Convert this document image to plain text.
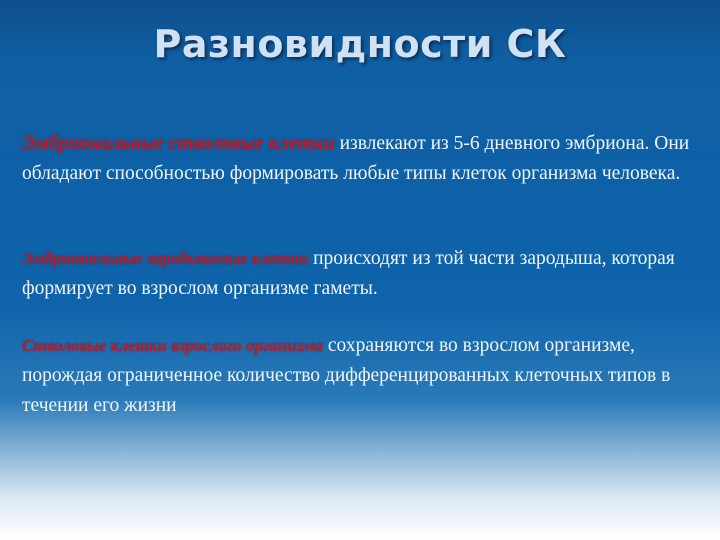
Разновидности СК
Эмбриональные стволовые клетки извлекают из 5-6 дневного эмбриона. Они обладают способностью формировать любые типы клеток организма человека.
Эмбриональные зародышевые клетки происходят из той части зародыша, которая формирует во взрослом организме гаметы.
Стволовые клетки взрослого организма сохраняются во взрослом организме, порождая ограниченное количество дифференцированных клеточных типов в течении его жизни
